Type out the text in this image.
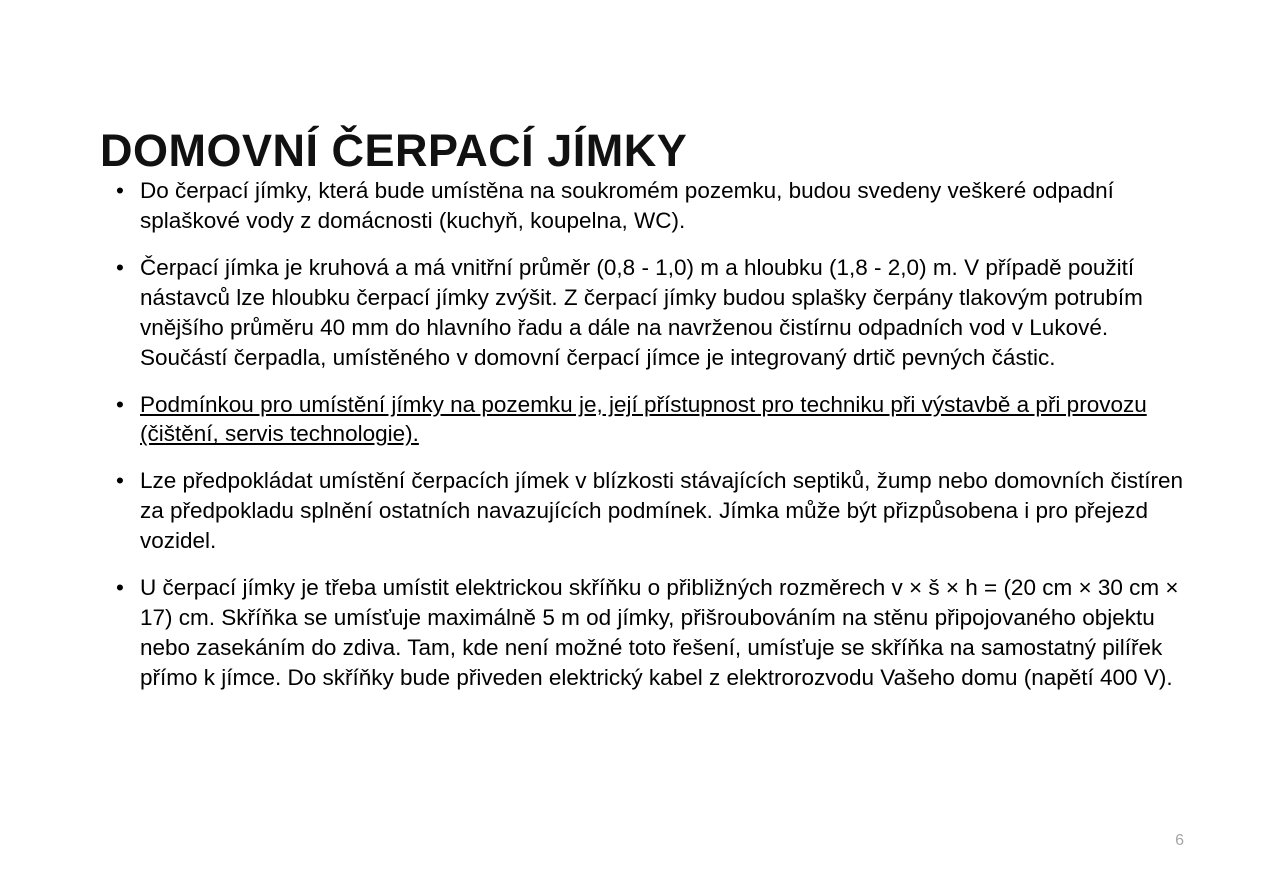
DOMOVNÍ ČERPACÍ JÍMKY
• Do čerpací jímky, která bude umístěna na soukromém pozemku, budou svedeny veškeré odpadní splaškové vody z domácnosti (kuchyň, koupelna, WC).
• Čerpací jímka je kruhová a má vnitřní průměr (0,8 - 1,0) m a hloubku (1,8 - 2,0) m. V případě použití nástavců lze hloubku čerpací jímky zvýšit. Z čerpací jímky budou splašky čerpány tlakovým potrubím vnějšího průměru 40 mm do hlavního řadu a dále na navrženou čistírnu odpadních vod v Lukové. Součástí čerpadla, umístěného v domovní čerpací jímce je integrovaný drtič pevných částic.
• Podmínkou pro umístění jímky na pozemku je, její přístupnost pro techniku při výstavbě a při provozu (čištění, servis technologie).
• Lze předpokládat umístění čerpacích jímek v blízkosti stávajících septiků, žump nebo domovních čistíren za předpokladu splnění ostatních navazujících podmínek. Jímka může být přizpůsobena i pro přejezd vozidel.
• U čerpací jímky je třeba umístit elektrickou skříňku o přibližných rozměrech v × š × h = (20 cm × 30 cm × 17) cm. Skříňka se umísťuje maximálně 5 m od jímky, přišroubováním na stěnu připojovaného objektu nebo zasekáním do zdiva. Tam, kde není možné toto řešení, umísťuje se skříňka na samostatný pilířek přímo k jímce. Do skříňky bude přiveden elektrický kabel z elektrorozvodu Vašeho domu (napětí 400 V).
6
